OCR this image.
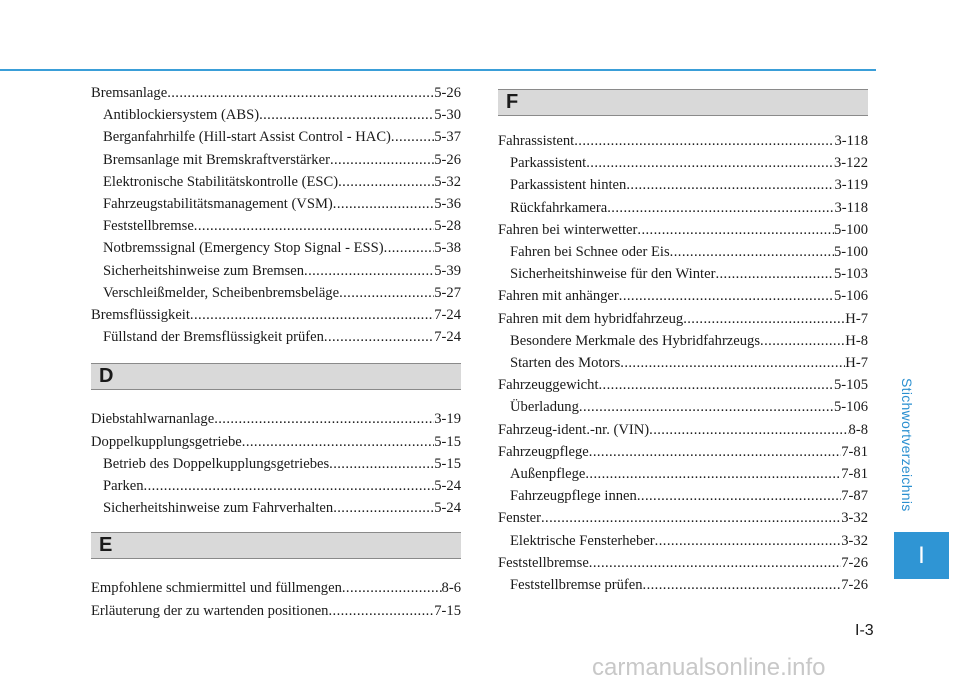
Stichwortverzeichnis
I
Bremsanlage .....	5-26
Antiblockiersystem (ABS) .....	5-30
Berganfahrhilfe (Hill-start Assist Control - HAC) .....	5-37
Bremsanlage mit Bremskraftverstärker .....	5-26
Elektronische Stabilitätskontrolle (ESC) .....	5-32
Fahrzeugstabilitätsmanagement (VSM) .....	5-36
Feststellbremse .....	5-28
Notbremssignal (Emergency Stop Signal - ESS) .....	5-38
Sicherheitshinweise zum Bremsen .....	5-39
Verschleißmelder, Scheibenbremsbeläge .....	5-27
Bremsflüssigkeit .....	7-24
Füllstand der Bremsflüssigkeit prüfen .....	7-24
D
Diebstahlwarnanlage .....	3-19
Doppelkupplungsgetriebe .....	5-15
Betrieb des Doppelkupplungsgetriebes .....	5-15
Parken .....	5-24
Sicherheitshinweise zum Fahrverhalten .....	5-24
E
Empfohlene schmiermittel und füllmengen .....	8-6
Erläuterung der zu wartenden positionen .....	7-15
F
Fahrassistent .....	3-118
Parkassistent .....	3-122
Parkassistent hinten .....	3-119
Rückfahrkamera .....	3-118
Fahren bei winterwetter .....	5-100
Fahren bei Schnee oder Eis .....	5-100
Sicherheitshinweise für den Winter .....	5-103
Fahren mit anhänger .....	5-106
Fahren mit dem hybridfahrzeug .....	H-7
Besondere Merkmale des Hybridfahrzeugs .....	H-8
Starten des Motors .....	H-7
Fahrzeuggewicht .....	5-105
Überladung .....	5-106
Fahrzeug-ident.-nr. (VIN) .....	8-8
Fahrzeugpflege .....	7-81
Außenpflege .....	7-81
Fahrzeugpflege innen .....	7-87
Fenster .....	3-32
Elektrische Fensterheber .....	3-32
Feststellbremse .....	7-26
Feststellbremse prüfen .....	7-26
I-3
carmanualsonline.info
